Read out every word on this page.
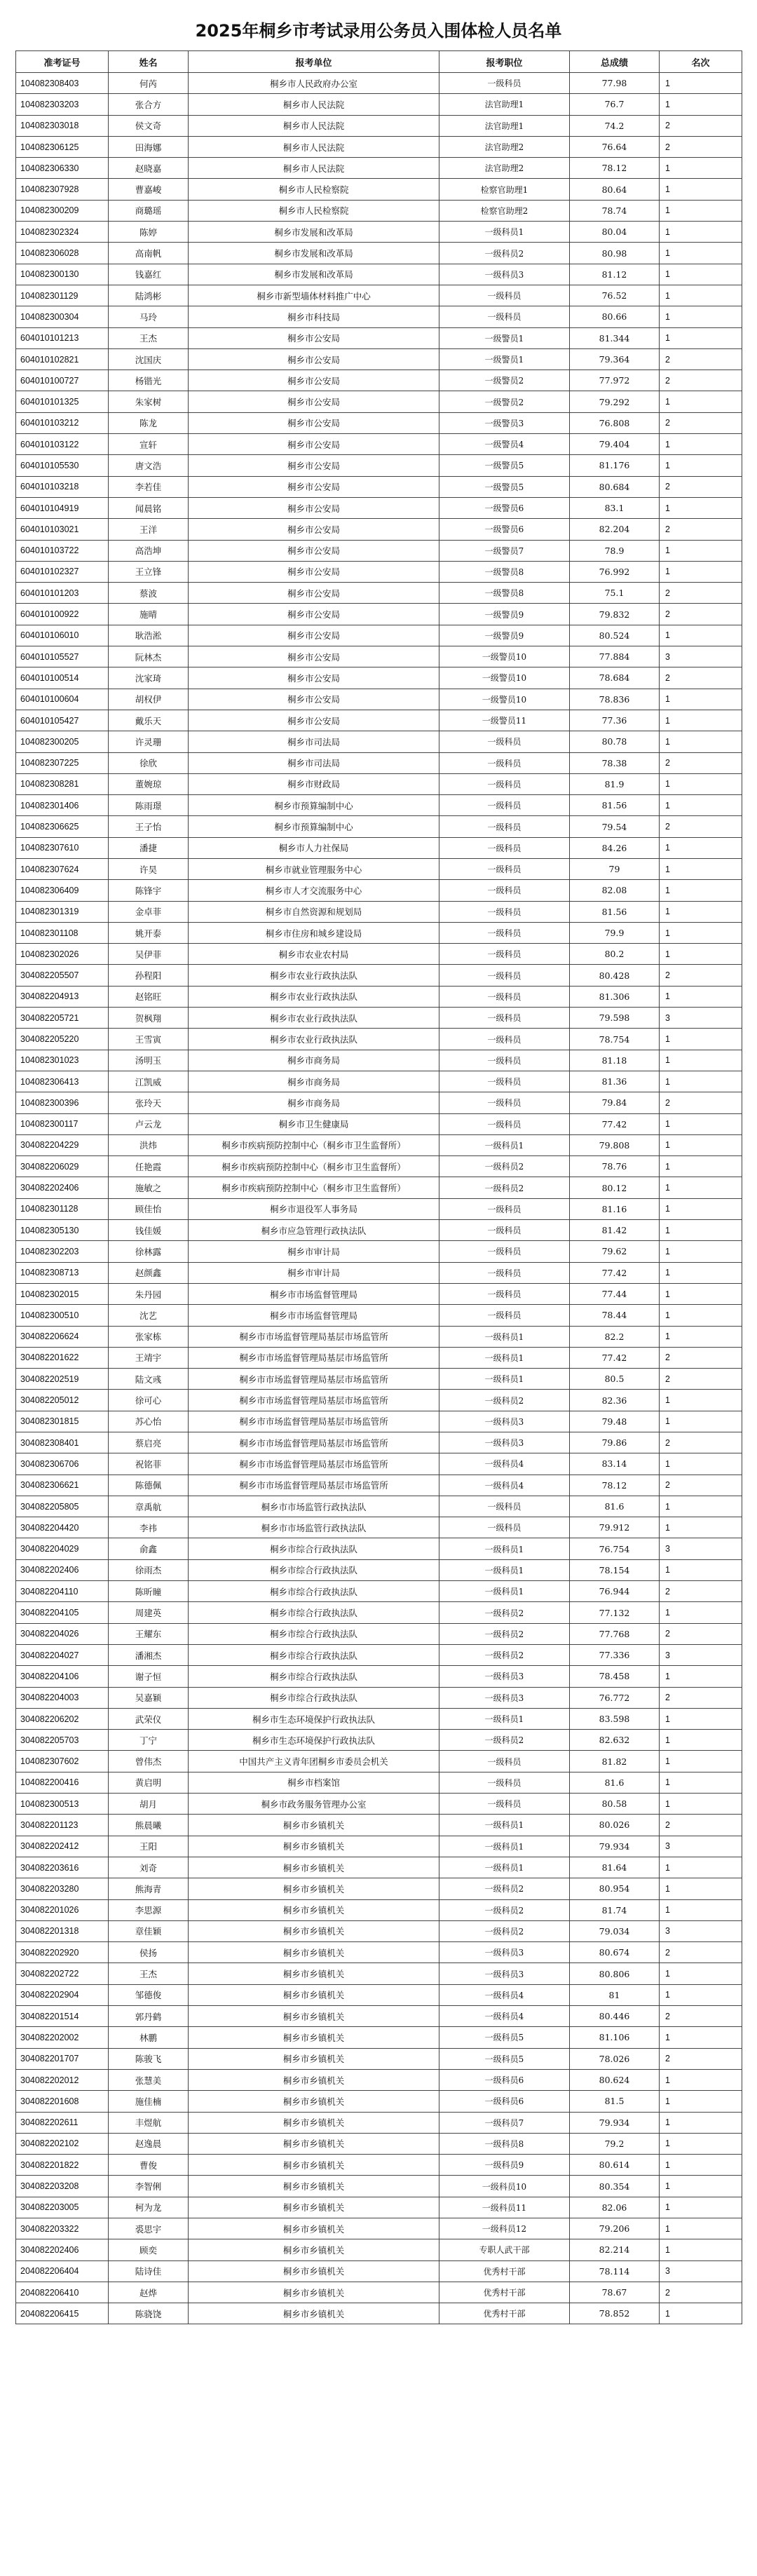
2025年桐乡市考试录用公务员入围体检人员名单
准考证号	姓名	报考单位	报考职位	总成绩	名次
104082308403	何芮	桐乡市人民政府办公室	一级科员	77.98	1
104082303203	张合方	桐乡市人民法院	法官助理1	76.7	1
104082303018	侯文奇	桐乡市人民法院	法官助理1	74.2	2
104082306125	田海娜	桐乡市人民法院	法官助理2	76.64	2
104082306330	赵晓嘉	桐乡市人民法院	法官助理2	78.12	1
104082307928	曹嘉峻	桐乡市人民检察院	检察官助理1	80.64	1
104082300209	商璐瑶	桐乡市人民检察院	检察官助理2	78.74	1
104082302324	陈婷	桐乡市发展和改革局	一级科员1	80.04	1
104082306028	高南帆	桐乡市发展和改革局	一级科员2	80.98	1
104082300130	钱嘉红	桐乡市发展和改革局	一级科员3	81.12	1
104082301129	陆鸿彬	桐乡市新型墙体材料推广中心	一级科员	76.52	1
104082300304	马玲	桐乡市科技局	一级科员	80.66	1
604010101213	王杰	桐乡市公安局	一级警员1	81.344	1
604010102821	沈国庆	桐乡市公安局	一级警员1	79.364	2
604010100727	杨锴光	桐乡市公安局	一级警员2	77.972	2
604010101325	朱家树	桐乡市公安局	一级警员2	79.292	1
604010103212	陈龙	桐乡市公安局	一级警员3	76.808	2
604010103122	宣轩	桐乡市公安局	一级警员4	79.404	1
604010105530	唐文浩	桐乡市公安局	一级警员5	81.176	1
604010103218	李若佳	桐乡市公安局	一级警员5	80.684	2
604010104919	闻晨铭	桐乡市公安局	一级警员6	83.1	1
604010103021	王洋	桐乡市公安局	一级警员6	82.204	2
604010103722	高浩坤	桐乡市公安局	一级警员7	78.9	1
604010102327	王立锋	桐乡市公安局	一级警员8	76.992	1
604010101203	蔡波	桐乡市公安局	一级警员8	75.1	2
604010100922	施晴	桐乡市公安局	一级警员9	79.832	2
604010106010	耿浩淞	桐乡市公安局	一级警员9	80.524	1
604010105527	阮林杰	桐乡市公安局	一级警员10	77.884	3
604010100514	沈家琦	桐乡市公安局	一级警员10	78.684	2
604010100604	胡权伊	桐乡市公安局	一级警员10	78.836	1
604010105427	戴乐天	桐乡市公安局	一级警员11	77.36	1
104082300205	许灵珊	桐乡市司法局	一级科员	80.78	1
104082307225	徐欣	桐乡市司法局	一级科员	78.38	2
104082308281	董婉琼	桐乡市财政局	一级科员	81.9	1
104082301406	陈雨璟	桐乡市预算编制中心	一级科员	81.56	1
104082306625	王子怡	桐乡市预算编制中心	一级科员	79.54	2
104082307610	潘捷	桐乡市人力社保局	一级科员	84.26	1
104082307624	许昊	桐乡市就业管理服务中心	一级科员	79	1
104082306409	陈锋宇	桐乡市人才交流服务中心	一级科员	82.08	1
104082301319	金卓菲	桐乡市自然资源和规划局	一级科员	81.56	1
104082301108	姚开泰	桐乡市住房和城乡建设局	一级科员	79.9	1
104082302026	吴伊菲	桐乡市农业农村局	一级科员	80.2	1
304082205507	孙程阳	桐乡市农业行政执法队	一级科员	80.428	2
304082204913	赵铭旺	桐乡市农业行政执法队	一级科员	81.306	1
304082205721	贺枫翔	桐乡市农业行政执法队	一级科员	79.598	3
304082205220	王雪寅	桐乡市农业行政执法队	一级科员	78.754	1
104082301023	汤明玉	桐乡市商务局	一级科员	81.18	1
104082306413	江凯威	桐乡市商务局	一级科员	81.36	1
104082300396	张玲天	桐乡市商务局	一级科员	79.84	2
104082300117	卢云龙	桐乡市卫生健康局	一级科员	77.42	1
304082204229	洪炜	桐乡市疾病预防控制中心（桐乡市卫生监督所）	一级科员1	79.808	1
304082206029	任艳霞	桐乡市疾病预防控制中心（桐乡市卫生监督所）	一级科员2	78.76	1
304082202406	施敏之	桐乡市疾病预防控制中心（桐乡市卫生监督所）	一级科员2	80.12	1
104082301128	顾佳怡	桐乡市退役军人事务局	一级科员	81.16	1
104082305130	钱佳媛	桐乡市应急管理行政执法队	一级科员	81.42	1
104082302203	徐林露	桐乡市审计局	一级科员	79.62	1
104082308713	赵颜鑫	桐乡市审计局	一级科员	77.42	1
104082302015	朱丹园	桐乡市市场监督管理局	一级科员	77.44	1
104082300510	沈艺	桐乡市市场监督管理局	一级科员	78.44	1
304082206624	张家栋	桐乡市市场监督管理局基层市场监管所	一级科员1	82.2	1
304082201622	王靖宇	桐乡市市场监督管理局基层市场监管所	一级科员1	77.42	2
304082202519	陆文彧	桐乡市市场监督管理局基层市场监管所	一级科员1	80.5	2
304082205012	徐可心	桐乡市市场监督管理局基层市场监管所	一级科员2	82.36	1
304082301815	苏心怡	桐乡市市场监督管理局基层市场监管所	一级科员3	79.48	1
304082308401	蔡启亮	桐乡市市场监督管理局基层市场监管所	一级科员3	79.86	2
304082306706	祝铭菲	桐乡市市场监督管理局基层市场监管所	一级科员4	83.14	1
304082306621	陈德佩	桐乡市市场监督管理局基层市场监管所	一级科员4	78.12	2
304082205805	章禹航	桐乡市市场监管行政执法队	一级科员	81.6	1
304082204420	李祎	桐乡市市场监管行政执法队	一级科员	79.912	1
304082204029	俞鑫	桐乡市综合行政执法队	一级科员1	76.754	3
304082202406	徐雨杰	桐乡市综合行政执法队	一级科员1	78.154	1
304082204110	陈昕瞳	桐乡市综合行政执法队	一级科员1	76.944	2
304082204105	周建英	桐乡市综合行政执法队	一级科员2	77.132	1
304082204026	王耀东	桐乡市综合行政执法队	一级科员2	77.768	2
304082204027	潘湘杰	桐乡市综合行政执法队	一级科员2	77.336	3
304082204106	谢子恒	桐乡市综合行政执法队	一级科员3	78.458	1
304082204003	吴嘉颖	桐乡市综合行政执法队	一级科员3	76.772	2
304082206202	武荣仪	桐乡市生态环境保护行政执法队	一级科员1	83.598	1
304082205703	丁宁	桐乡市生态环境保护行政执法队	一级科员2	82.632	1
104082307602	曾伟杰	中国共产主义青年团桐乡市委员会机关	一级科员	81.82	1
104082200416	黄启明	桐乡市档案馆	一级科员	81.6	1
104082300513	胡月	桐乡市政务服务管理办公室	一级科员	80.58	1
304082201123	熊晨曦	桐乡市乡镇机关	一级科员1	80.026	2
304082202412	王阳	桐乡市乡镇机关	一级科员1	79.934	3
304082203616	刘奇	桐乡市乡镇机关	一级科员1	81.64	1
304082203280	熊海青	桐乡市乡镇机关	一级科员2	80.954	1
304082201026	李思源	桐乡市乡镇机关	一级科员2	81.74	1
304082201318	章佳颖	桐乡市乡镇机关	一级科员2	79.034	3
304082202920	侯扬	桐乡市乡镇机关	一级科员3	80.674	2
304082202722	王杰	桐乡市乡镇机关	一级科员3	80.806	1
304082202904	邹德俊	桐乡市乡镇机关	一级科员4	81	1
304082201514	郭丹鹤	桐乡市乡镇机关	一级科员4	80.446	2
304082202002	林鹏	桐乡市乡镇机关	一级科员5	81.106	1
304082201707	陈骏飞	桐乡市乡镇机关	一级科员5	78.026	2
304082202012	张慧美	桐乡市乡镇机关	一级科员6	80.624	1
304082201608	施佳楠	桐乡市乡镇机关	一级科员6	81.5	1
304082202611	丰煜航	桐乡市乡镇机关	一级科员7	79.934	1
304082202102	赵逸晨	桐乡市乡镇机关	一级科员8	79.2	1
304082201822	曹俊	桐乡市乡镇机关	一级科员9	80.614	1
304082203208	李智俐	桐乡市乡镇机关	一级科员10	80.354	1
304082203005	柯为龙	桐乡市乡镇机关	一级科员11	82.06	1
304082203322	裘思宇	桐乡市乡镇机关	一级科员12	79.206	1
304082202406	顾奕	桐乡市乡镇机关	专职人武干部	82.214	1
204082206404	陆诗佳	桐乡市乡镇机关	优秀村干部	78.114	3
204082206410	赵烨	桐乡市乡镇机关	优秀村干部	78.67	2
204082206415	陈骁饶	桐乡市乡镇机关	优秀村干部	78.852	1
